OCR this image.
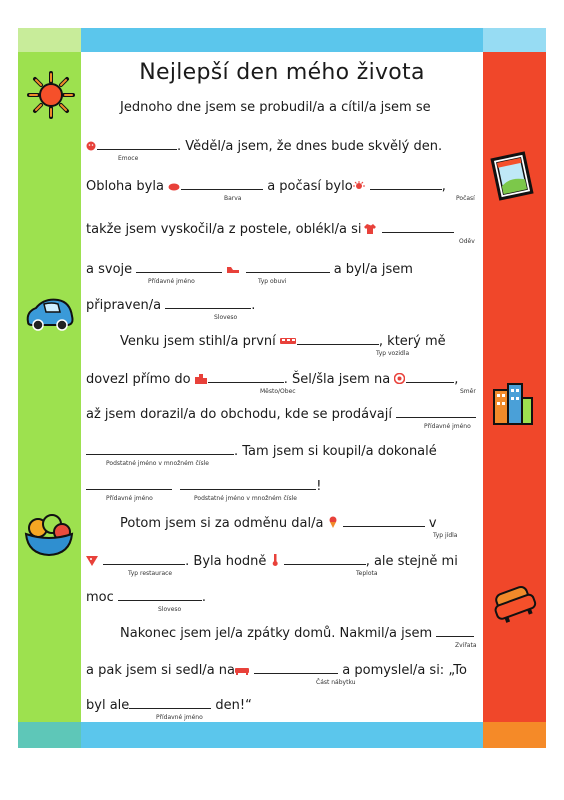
Nejlepší den mého života
Jednoho dne jsem se probudil/a a cítil/a jsem se
. Věděl/a jsem, že dnes bude skvělý den.
Emoce
Obloha byla	a počasí bylo	,
Barva	Počasí
takže jsem vyskočil/a z postele, oblékl/a si
Oděv
a svoje	a byl/a jsem
Přídavné jméno	Typ obuvi
připraven/a	.
Sloveso
Venku jsem stihl/a první	, který mě
Typ vozidla
dovezl přímo do	. Šel/šla jsem na	,
Město/Obec	Směr
až jsem dorazil/a do obchodu, kde se prodávají
Přídavné jméno
. Tam jsem si koupil/a dokonalé
Podstatné jméno v množném čísle
!
Přídavné jméno	Podstatné jméno v množném čísle
Potom jsem si za odměnu dal/a	v
Typ jídla
. Byla hodně	, ale stejně mi
Typ restaurace	Teplota
moc	.
Sloveso
Nakonec jsem jel/a zpátky domů. Nakmil/a jsem
Zvířata
a pak jsem si sedl/a na	a pomyslel/a si: „To
Část nábytku
byl ale	den!“
Přídavné jméno
